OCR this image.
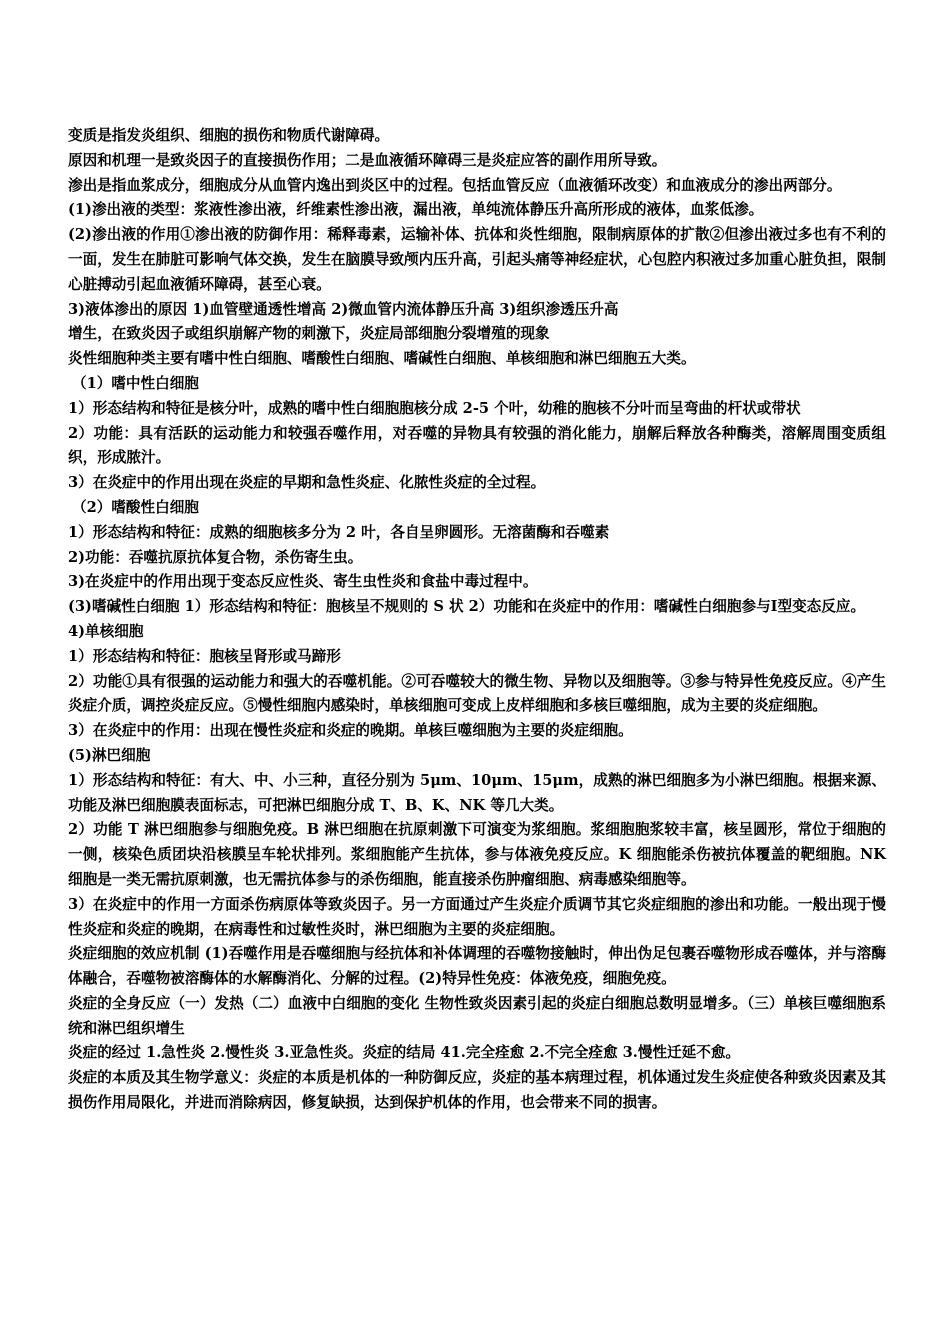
变质是指发炎组织、细胞的损伤和物质代谢障碍。

原因和机理一是致炎因子的直接损伤作用；二是血液循环障碍三是炎症应答的副作用所导致。

渗出是指血浆成分，细胞成分从血管内逸出到炎区中的过程。包括血管反应（血液循环改变）和血液成分的渗出两部分。

(1)渗出液的类型：浆液性渗出液，纤维素性渗出液，漏出液，单纯流体静压升高所形成的液体，血浆低渗。

(2)渗出液的作用①渗出液的防御作用：稀释毒素，运输补体、抗体和炎性细胞，限制病原体的扩散②但渗出液过多也有不利的一面，发生在肺脏可影响气体交换，发生在脑膜导致颅内压升高，引起头痛等神经症状，心包腔内积液过多加重心脏负担，限制心脏搏动引起血液循环障碍，甚至心衰。

3)液体渗出的原因 1)血管壁通透性增高 2)微血管内流体静压升高 3)组织渗透压升高

增生，在致炎因子或组织崩解产物的刺激下，炎症局部细胞分裂增殖的现象

炎性细胞种类主要有嗜中性白细胞、嗜酸性白细胞、嗜碱性白细胞、单核细胞和淋巴细胞五大类。

（1）嗜中性白细胞

1）形态结构和特征是核分叶，成熟的嗜中性白细胞胞核分成 2-5 个叶，幼稚的胞核不分叶而呈弯曲的杆状或带状

2）功能：具有活跃的运动能力和较强吞噬作用，对吞噬的异物具有较强的消化能力，崩解后释放各种酶类，溶解周围变质组织，形成脓汁。

3）在炎症中的作用出现在炎症的早期和急性炎症、化脓性炎症的全过程。

（2）嗜酸性白细胞

1）形态结构和特征：成熟的细胞核多分为 2 叶，各自呈卵圆形。无溶菌酶和吞噬素

2)功能：吞噬抗原抗体复合物，杀伤寄生虫。

3)在炎症中的作用出现于变态反应性炎、寄生虫性炎和食盐中毒过程中。

(3)嗜碱性白细胞 1）形态结构和特征：胞核呈不规则的 S 状 2）功能和在炎症中的作用：嗜碱性白细胞参与Ⅰ型变态反应。

4)单核细胞

1）形态结构和特征：胞核呈肾形或马蹄形

2）功能①具有很强的运动能力和强大的吞噬机能。②可吞噬较大的微生物、异物以及细胞等。③参与特异性免疫反应。④产生炎症介质，调控炎症反应。⑤慢性细胞内感染时，单核细胞可变成上皮样细胞和多核巨噬细胞，成为主要的炎症细胞。

3）在炎症中的作用：出现在慢性炎症和炎症的晚期。单核巨噬细胞为主要的炎症细胞。

(5)淋巴细胞

1）形态结构和特征：有大、中、小三种，直径分别为 5μm、10μm、15μm，成熟的淋巴细胞多为小淋巴细胞。根据来源、功能及淋巴细胞膜表面标志，可把淋巴细胞分成 T、B、K、NK 等几大类。

2）功能 T 淋巴细胞参与细胞免疫。B 淋巴细胞在抗原刺激下可演变为浆细胞。浆细胞胞浆较丰富，核呈圆形，常位于细胞的一侧，核染色质团块沿核膜呈车轮状排列。浆细胞能产生抗体，参与体液免疫反应。K 细胞能杀伤被抗体覆盖的靶细胞。NK 细胞是一类无需抗原刺激，也无需抗体参与的杀伤细胞，能直接杀伤肿瘤细胞、病毒感染细胞等。

3）在炎症中的作用一方面杀伤病原体等致炎因子。另一方面通过产生炎症介质调节其它炎症细胞的渗出和功能。一般出现于慢性炎症和炎症的晚期，在病毒性和过敏性炎时，淋巴细胞为主要的炎症细胞。

炎症细胞的效应机制 (1)吞噬作用是吞噬细胞与经抗体和补体调理的吞噬物接触时，伸出伪足包裹吞噬物形成吞噬体，并与溶酶体融合，吞噬物被溶酶体的水解酶消化、分解的过程。(2)特异性免疫：体液免疫，细胞免疫。

炎症的全身反应（一）发热（二）血液中白细胞的变化 生物性致炎因素引起的炎症白细胞总数明显增多。（三）单核巨噬细胞系统和淋巴组织增生

炎症的经过 1.急性炎 2.慢性炎 3.亚急性炎。炎症的结局 41.完全痊愈 2.不完全痊愈 3.慢性迁延不愈。

炎症的本质及其生物学意义：炎症的本质是机体的一种防御反应，炎症的基本病理过程，机体通过发生炎症使各种致炎因素及其损伤作用局限化，并进而消除病因，修复缺损，达到保护机体的作用，也会带来不同的损害。
